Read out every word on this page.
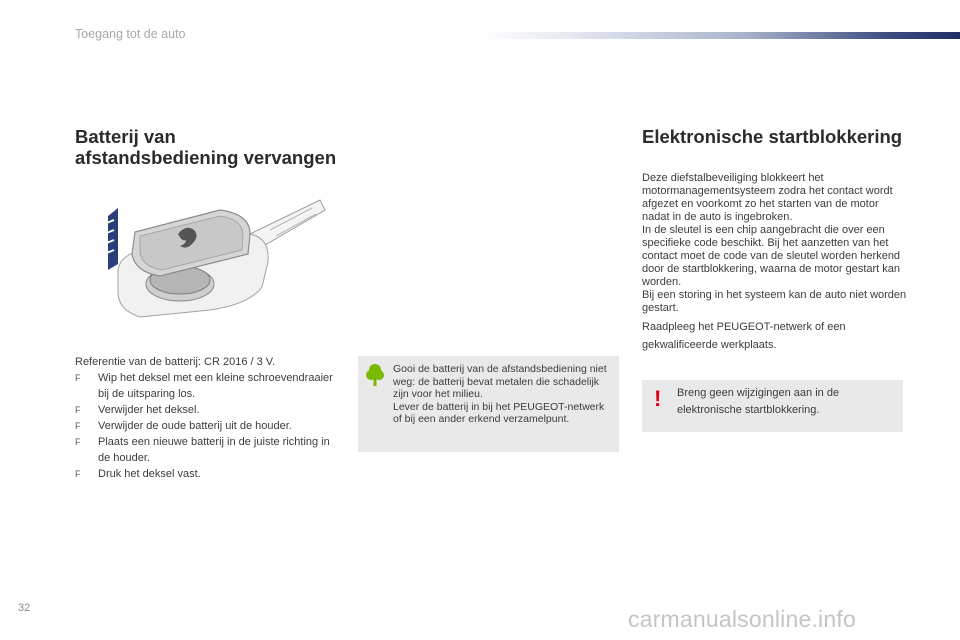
Toegang tot de auto
Batterij van
afstandsbediening vervangen
Referentie van de batterij: CR 2016 / 3 V.
F Wip het deksel met een kleine schroevendraaier bij de uitsparing los.
F Verwijder het deksel.
F Verwijder de oude batterij uit de houder.
F Plaats een nieuwe batterij in de juiste richting in de houder.
F Druk het deksel vast.
Gooi de batterij van de afstandsbediening niet weg: de batterij bevat metalen die schadelijk zijn voor het milieu.
Lever de batterij in bij het PEUGEOT-netwerk of bij een ander erkend verzamelpunt.
Elektronische startblokkering

Deze diefstalbeveiliging blokkeert het motormanagementsysteem zodra het contact wordt afgezet en voorkomt zo het starten van de motor nadat in de auto is ingebroken.

In de sleutel is een chip aangebracht die over een specifieke code beschikt. Bij het aanzetten van het contact moet de code van de sleutel worden herkend door de startblokkering, waarna de motor gestart kan worden.

Bij een storing in het systeem kan de auto niet worden gestart.

Raadpleeg het PEUGEOT-netwerk of een gekwalificeerde werkplaats.
! Breng geen wijzigingen aan in de elektronische startblokkering.
32	carmanualsonline.info
